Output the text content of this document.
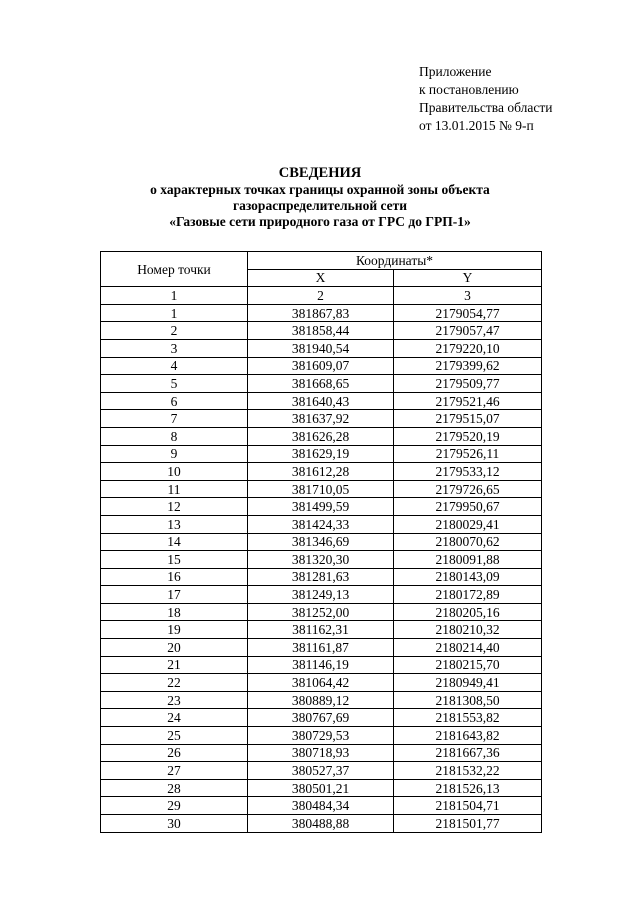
Приложение
к постановлению
Правительства области
от 13.01.2015 № 9-п
СВЕДЕНИЯ
о характерных точках границы охранной зоны объекта
газораспределительной сети
«Газовые сети природного газа от ГРС до ГРП-1»
Номер точки	Координаты*	
	X	Y
1	2	3
1	381867,83	2179054,77
2	381858,44	2179057,47
3	381940,54	2179220,10
4	381609,07	2179399,62
5	381668,65	2179509,77
6	381640,43	2179521,46
7	381637,92	2179515,07
8	381626,28	2179520,19
9	381629,19	2179526,11
10	381612,28	2179533,12
11	381710,05	2179726,65
12	381499,59	2179950,67
13	381424,33	2180029,41
14	381346,69	2180070,62
15	381320,30	2180091,88
16	381281,63	2180143,09
17	381249,13	2180172,89
18	381252,00	2180205,16
19	381162,31	2180210,32
20	381161,87	2180214,40
21	381146,19	2180215,70
22	381064,42	2180949,41
23	380889,12	2181308,50
24	380767,69	2181553,82
25	380729,53	2181643,82
26	380718,93	2181667,36
27	380527,37	2181532,22
28	380501,21	2181526,13
29	380484,34	2181504,71
30	380488,88	2181501,77
